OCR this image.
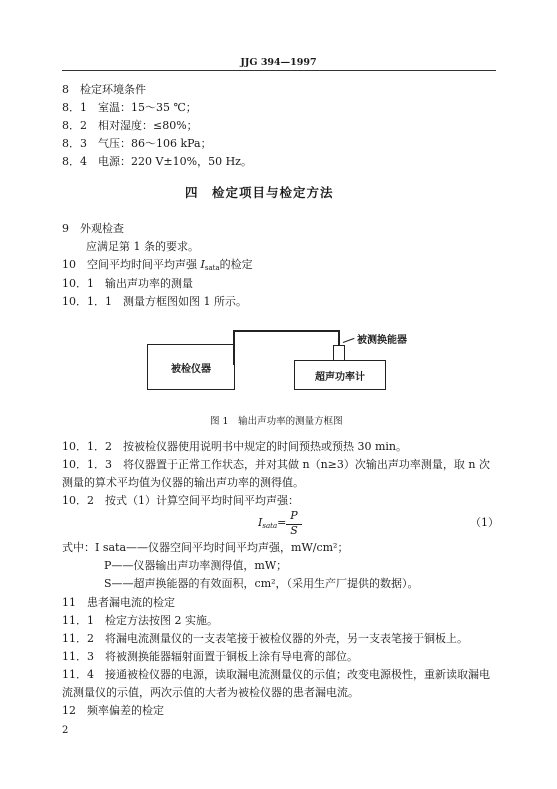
JJG 394—1997
8　检定环境条件
8．1　室温：15～35 ℃；
8．2　相对湿度：≤80%；
8．3　气压：86～106 kPa；
8．4　电源：220 V±10%，50 Hz。
四　检定项目与检定方法
9　外观检查
应满足第 1 条的要求。
10　空间平均时间平均声强 $I_{sata}$的检定
10．1　输出声功率的测量
10．1．1　测量方框图如图 1 所示。
被检仪器
超声功率计
被测换能器
图 1　输出声功率的测量方框图
10．1．2　按被检仪器使用说明书中规定的时间预热或预热 30 min。
10．1．3　将仪器置于正常工作状态，并对其做 n（n≥3）次输出声功率测量，取 n 次
测量的算术平均值为仪器的输出声功率的测得值。
10．2　按式（1）计算空间平均时间平均声强：
$I_{sata}=$
P
S
（1）
式中：I sata——仪器空间平均时间平均声强，mW/cm²；
P——仪器输出声功率测得值，mW；
S——超声换能器的有效面积，cm²，（采用生产厂提供的数据）。
11　患者漏电流的检定
11．1　检定方法按图 2 实施。
11．2　将漏电流测量仪的一支表笔接于被检仪器的外壳，另一支表笔接于铜板上。
11．3　将被测换能器辐射面置于铜板上涂有导电膏的部位。
11．4　接通被检仪器的电源，读取漏电流测量仪的示值；改变电源极性，重新读取漏电
流测量仪的示值，两次示值的大者为被检仪器的患者漏电流。
12　频率偏差的检定
2
